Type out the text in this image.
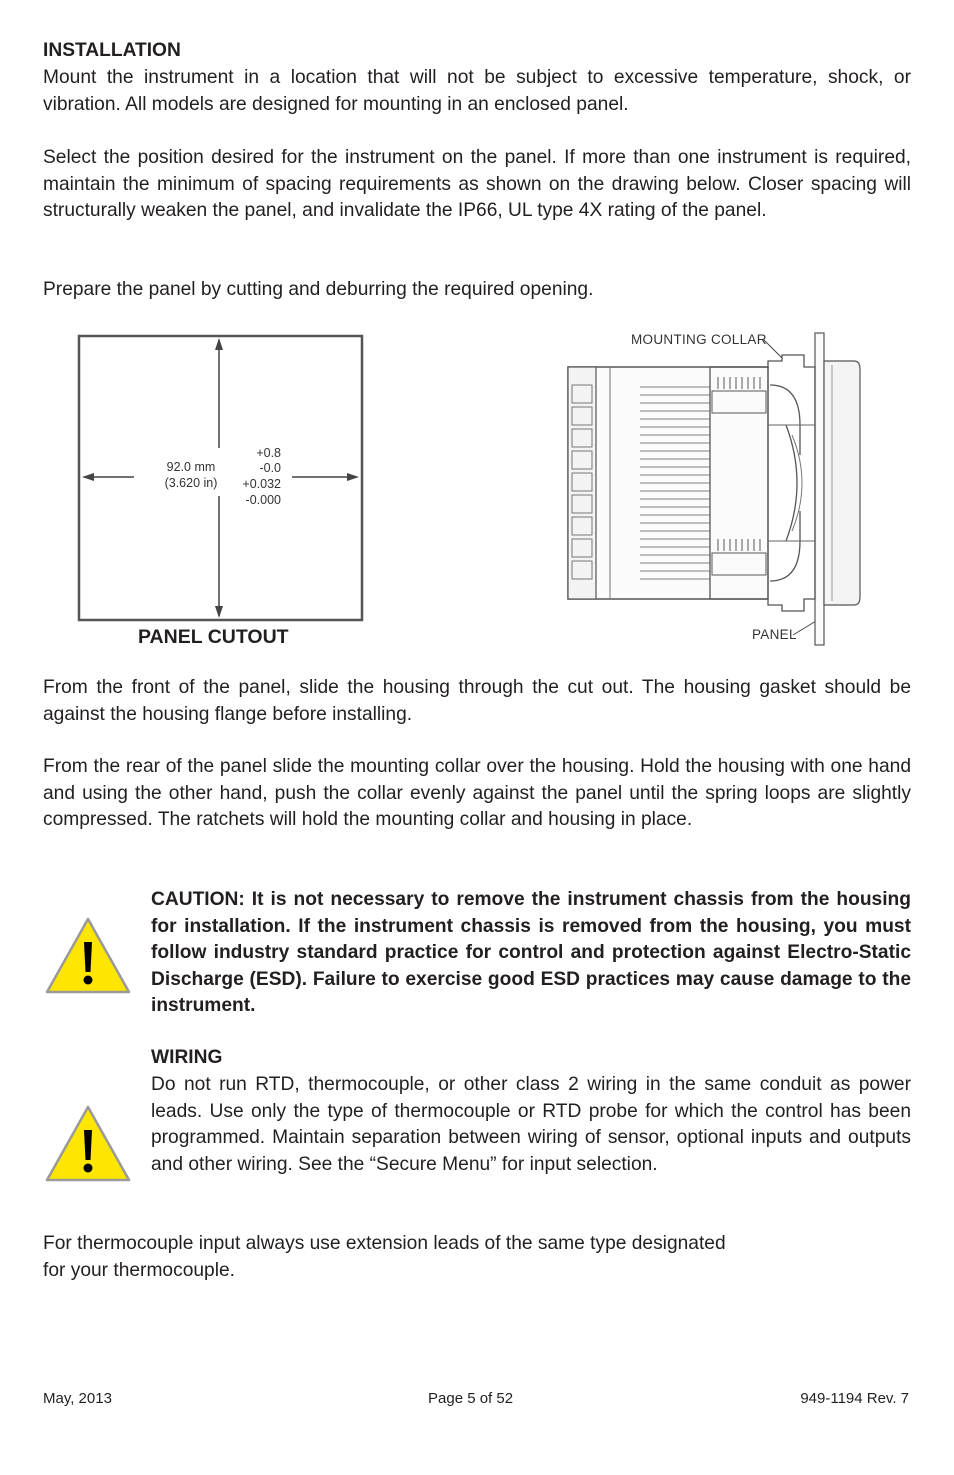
INSTALLATION
Mount the instrument in a location that will not be subject to excessive temperature, shock, or vibration. All models are designed for mounting in an enclosed panel.
Select the position desired for the instrument on the panel. If more than one instrument is required, maintain the minimum of spacing requirements as shown on the drawing below. Closer spacing will structurally weaken the panel, and invalidate the IP66, UL type 4X rating of the panel.
Prepare the panel by cutting and deburring the required opening.
92.0 mm
(3.620 in)
+0.8
-0.0
+0.032
-0.000
PANEL CUTOUT
MOUNTING COLLAR
PANEL
From the front of the panel, slide the housing through the cut out. The housing gasket should be against the housing flange before installing.
From the rear of the panel slide the mounting collar over the housing. Hold the housing with one hand and using the other hand, push the collar evenly against the panel until the spring loops are slightly compressed. The ratchets will hold the mounting collar and housing in place.
CAUTION: It is not necessary to remove the instrument chassis from the housing for installation. If the instrument chassis is removed from the housing, you must follow industry standard practice for control and protection against Electro-Static Discharge (ESD). Failure to exercise good ESD practices may cause damage to the instrument.
WIRING
Do not run RTD, thermocouple, or other class 2 wiring in the same conduit as power leads. Use only the type of thermocouple or RTD probe for which the control has been programmed. Maintain separation between wiring of sensor, optional inputs and outputs and other wiring. See the “Secure Menu” for input selection.
For thermocouple input always use extension leads of the same type designated
for your thermocouple.
May, 2013	Page 5 of 52	949-1194 Rev. 7
